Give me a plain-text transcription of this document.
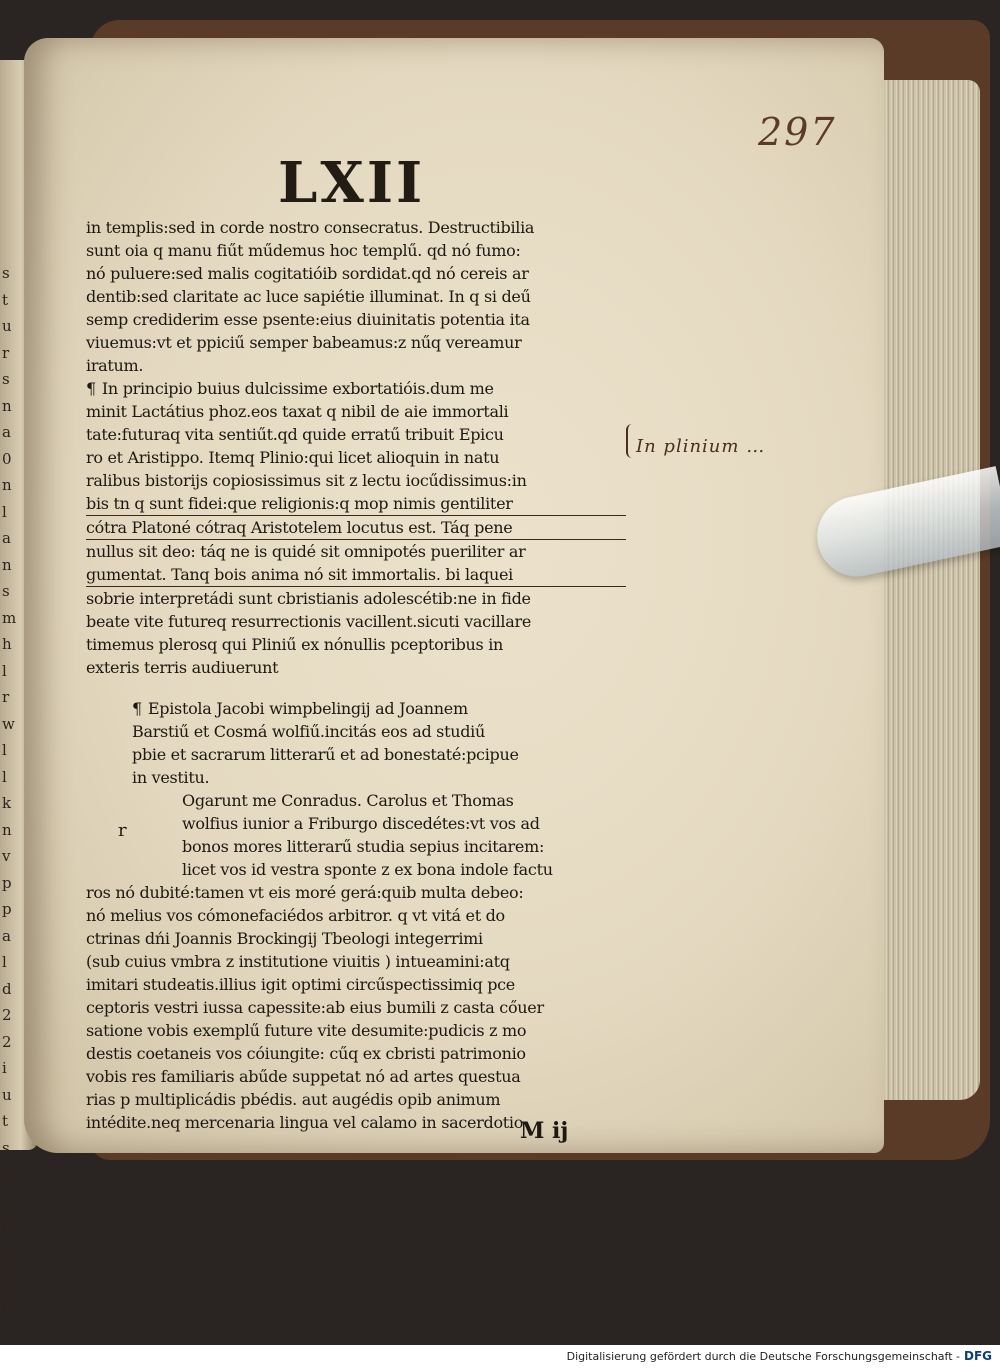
s
t
u
r
s
n
a
0
n
l
a
n
s
m
h
l
r
w
l
l
k
n
v
p
p
a
l
d
2
2
i
u
t
s
r
y
i
s
d
r
297
LXII
in templis:sed in corde nostro consecratus. Destructibilia
sunt oia q manu fiűt műdemus hoc templű. qd nó fumo:
nó puluere:sed malis cogitatióib sordidat.qd nó cereis ar
dentib:sed claritate ac luce sapiétie illuminat. In q si deű
semp crediderim esse psente:eius diuinitatis potentia ita
viuemus:vt et ppiciű semper babeamus:z nűq vereamur
iratum.
¶ In principio buius dulcissime exbortatióis.dum me
minit Lactátius phoz.eos taxat q nibil de aie immortali
tate:futuraq vita sentiűt.qd quide erratű tribuit Epicu
ro et Aristippo. Itemq Plinio:qui licet alioquin in natu
ralibus bistorijs copiosissimus sit z lectu iocűdissimus:in
bis tn q sunt fidei:que religionis:q mop nimis gentiliter
cótra Platoné cótraq Aristotelem locutus est. Táq pene
nullus sit deo: táq ne is quidé sit omnipotés pueriliter ar
gumentat. Tanq bois anima nó sit immortalis. bi laquei
sobrie interpretádi sunt cbristianis adolescétib:ne in fide
beate vite futureq resurrectionis vacillent.sicuti vacillare
timemus plerosq qui Pliniű ex nónullis pceptoribus in
exteris terris audiuerunt
¶ Epistola Jacobi wimpbelingij ad Joannem
Barstiű et Cosmá wolfiű.incitás eos ad studiű
pbie et sacrarum litterarű et ad bonestaté:pcipue
in vestitu.
Ogarunt me Conradus. Carolus et Thomas
wolfius iunior a Friburgo discedétes:vt vos ad
bonos mores litterarű studia sepius incitarem:
licet vos id vestra sponte z ex bona indole factu
ros nó dubité:tamen vt eis moré gerá:quib multa debeo:
nó melius vos cómonefaciédos arbitror. q vt vitá et do
ctrinas dńi Joannis Brockingij Tbeologi integerrimi
(sub cuius vmbra z institutione viuitis ) intueamini:atq
imitari studeatis.illius igit optimi circűspectissimiq pce
ceptoris vestri iussa capessite:ab eius bumili z casta cőuer
satione vobis exemplű future vite desumite:pudicis z mo
destis coetaneis vos cóiungite: cűq ex cbristi patrimonio
vobis res familiaris abűde suppetat nó ad artes questua
rias p multiplicádis pbédis. aut augédis opib animum
intédite.neq mercenaria lingua vel calamo in sacerdotio
r
M ij
In plinium …
Digitalisierung gefördert durch die Deutsche Forschungsgemeinschaft - DFG
